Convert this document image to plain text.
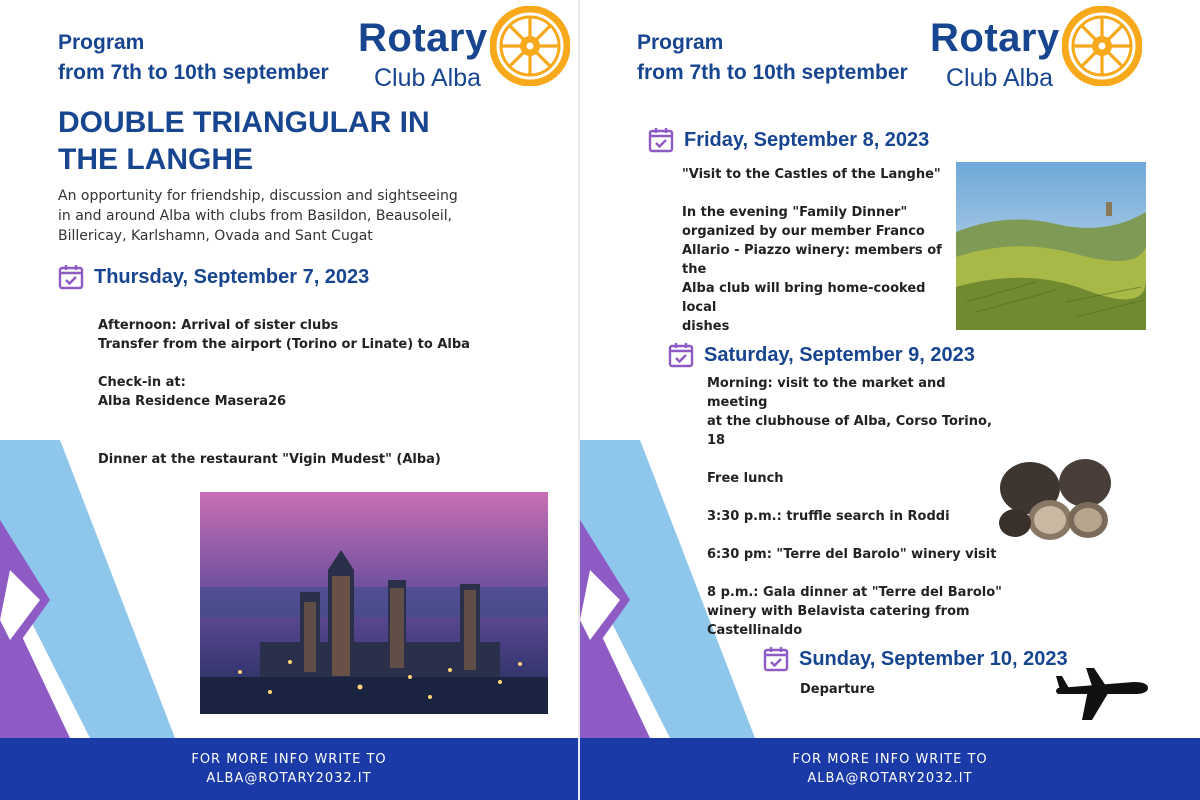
Program
from 7th to 10th september
Rotary
Club Alba
DOUBLE TRIANGULAR IN THE LANGHE
An opportunity for friendship, discussion and sightseeing in and around Alba with clubs from Basildon, Beausoleil, Billericay, Karlshamn, Ovada and Sant Cugat
Thursday, September 7, 2023
Afternoon: Arrival of sister clubs
Transfer from the airport (Torino or Linate) to Alba

Check-in at:
Alba Residence Masera26
Dinner at the restaurant "Vigin Mudest" (Alba)
FOR MORE INFO WRITE TO
ALBA@ROTARY2032.IT
Program
from 7th to 10th september
Rotary
Club Alba
Friday, September 8, 2023
"Visit to the Castles of the Langhe"
In the evening "Family Dinner"
organized by our member Franco
Allario - Piazzo winery: members of the
Alba club will bring home-cooked local
dishes
Saturday, September 9, 2023
Morning: visit to the market and meeting
at the clubhouse of Alba, Corso Torino, 18

Free lunch

3:30 p.m.: truffle search in Roddi

6:30 pm: "Terre del Barolo" winery visit

8 p.m.: Gala dinner at "Terre del Barolo"
winery with Belavista catering from
Castellinaldo
Sunday, September 10, 2023
Departure
FOR MORE INFO WRITE TO
ALBA@ROTARY2032.IT
